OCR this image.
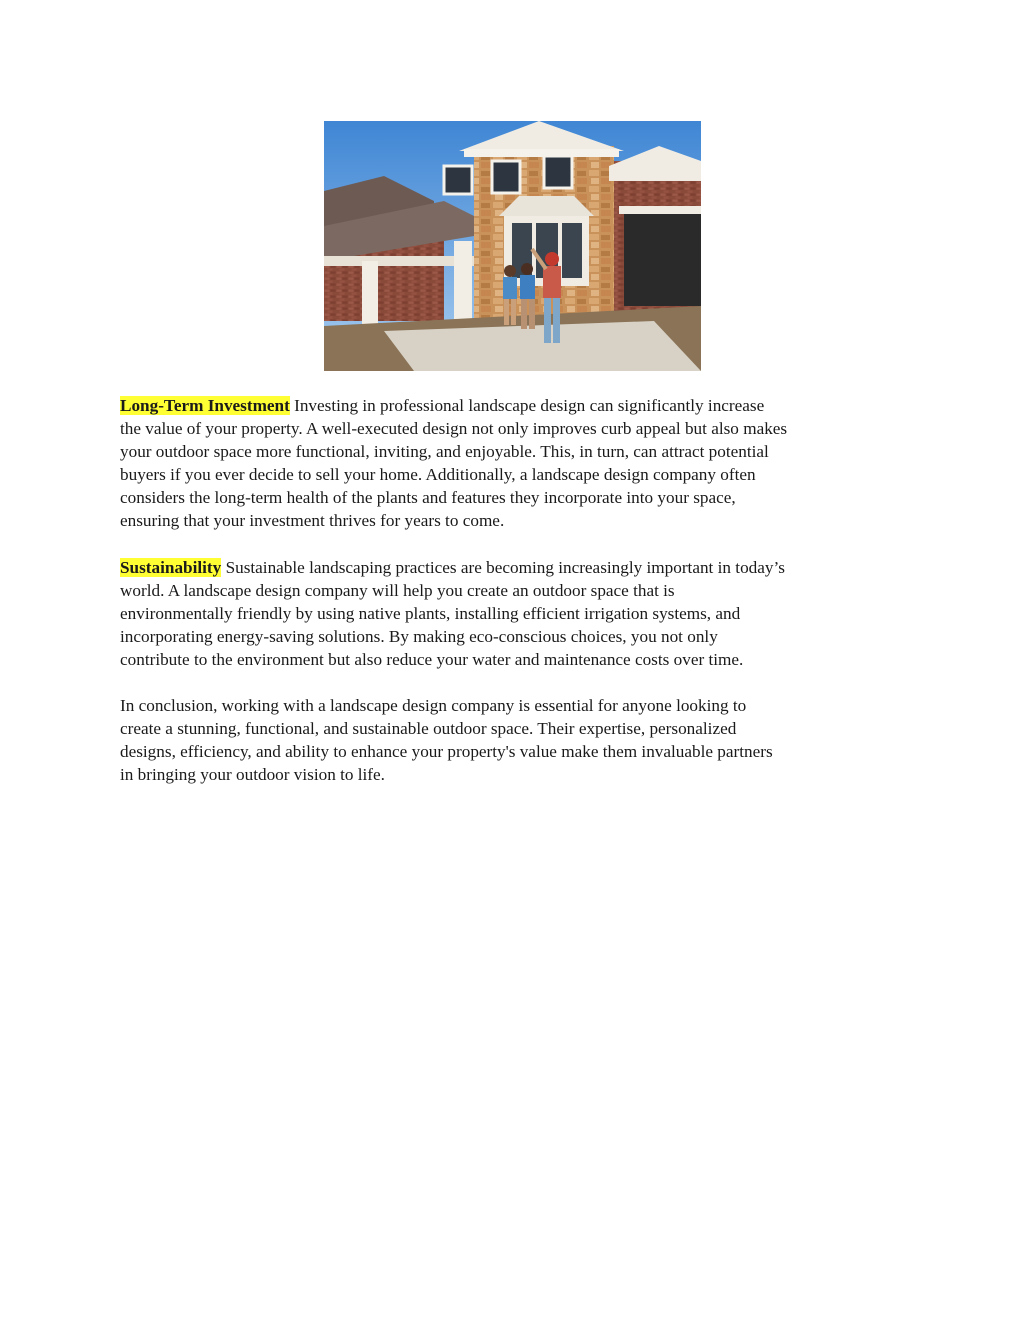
Long-Term Investment Investing in professional landscape design can significantly increase
the value of your property. A well-executed design not only improves curb appeal but also makes
your outdoor space more functional, inviting, and enjoyable. This, in turn, can attract potential
buyers if you ever decide to sell your home. Additionally, a landscape design company often
considers the long-term health of the plants and features they incorporate into your space,
ensuring that your investment thrives for years to come.

Sustainability Sustainable landscaping practices are becoming increasingly important in today’s
world. A landscape design company will help you create an outdoor space that is
environmentally friendly by using native plants, installing efficient irrigation systems, and
incorporating energy-saving solutions. By making eco-conscious choices, you not only
contribute to the environment but also reduce your water and maintenance costs over time.

In conclusion, working with a landscape design company is essential for anyone looking to
create a stunning, functional, and sustainable outdoor space. Their expertise, personalized
designs, efficiency, and ability to enhance your property's value make them invaluable partners
in bringing your outdoor vision to life.
